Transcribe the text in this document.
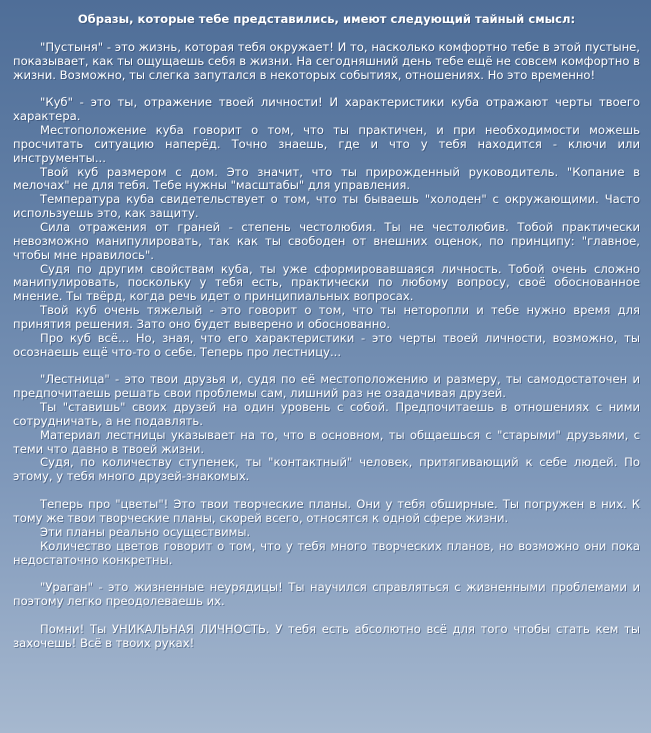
Образы, которые тебе представились, имеют следующий тайный смысл:

"Пустыня" - это жизнь, которая тебя окружает! И то, насколько комфортно тебе в этой пустыне, показывает, как ты ощущаешь себя в жизни. На сегодняшний день тебе ещё не совсем комфортно в жизни. Возможно, ты слегка запутался в некоторых событиях, отношениях. Но это временно!

"Куб" - это ты, отражение твоей личности! И характеристики куба отражают черты твоего характера.

Местоположение куба говорит о том, что ты практичен, и при необходимости можешь просчитать ситуацию наперёд. Точно знаешь, где и что у тебя находится - ключи или инструменты...

Твой куб размером с дом. Это значит, что ты прирожденный руководитель. "Копание в мелочах" не для тебя. Тебе нужны "масштабы" для управления.

Температура куба свидетельствует о том, что ты бываешь "холоден" с окружающими. Часто используешь это, как защиту.

Сила отражения от граней - степень честолюбия. Ты не честолюбив. Тобой практически невозможно манипулировать, так как ты свободен от внешних оценок, по принципу: "главное, чтобы мне нравилось".

Судя по другим свойствам куба, ты уже сформировавшаяся личность. Тобой очень сложно манипулировать, поскольку у тебя есть, практически по любому вопросу, своё обоснованное мнение. Ты твёрд, когда речь идет о принципиальных вопросах.

Твой куб очень тяжелый - это говорит о том, что ты неторопли и тебе нужно время для принятия решения. Зато оно будет выверено и обоснованно.

Про куб всё... Но, зная, что его характеристики - это черты твоей личности, возможно, ты осознаешь ещё что-то о себе. Теперь про лестницу...

"Лестница" - это твои друзья и, судя по её местоположению и размеру, ты самодостаточен и предпочитаешь решать свои проблемы сам, лишний раз не озадачивая друзей.

Ты "ставишь" своих друзей на один уровень с собой. Предпочитаешь в отношениях с ними сотрудничать, а не подавлять.

Материал лестницы указывает на то, что в основном, ты общаешься с "старыми" друзьями, с теми что давно в твоей жизни.

Судя, по количеству ступенек, ты "контактный" человек, притягивающий к себе людей. По этому, у тебя много друзей-знакомых.

Теперь про "цветы"! Это твои творческие планы. Они у тебя обширные. Ты погружен в них. К тому же твои творческие планы, скорей всего, относятся к одной сфере жизни.

Эти планы реально осуществимы.

Количество цветов говорит о том, что у тебя много творческих планов, но возможно они пока недостаточно конкретны.

"Ураган" - это жизненные неурядицы! Ты научился справляться с жизненными проблемами и поэтому легко преодолеваешь их.

Помни! Ты УНИКАЛЬНАЯ ЛИЧНОСТЬ. У тебя есть абсолютно всё для того чтобы стать кем ты захочешь! Всё в твоих руках!
